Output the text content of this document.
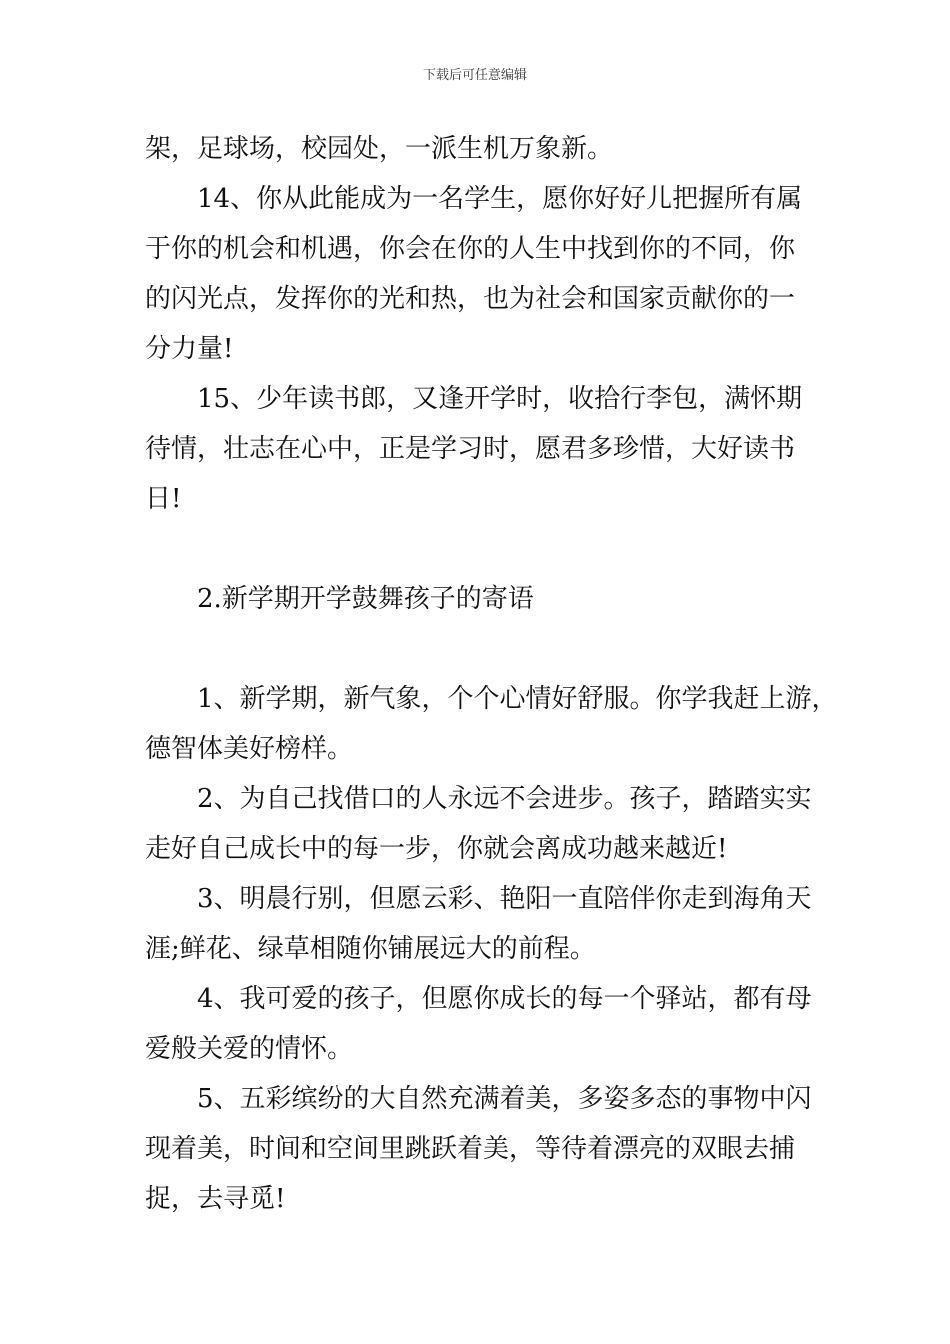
下载后可任意编辑
架，足球场，校园处，一派生机万象新。
14、你从此能成为一名学生，愿你好好儿把握所有属
于你的机会和机遇，你会在你的人生中找到你的不同，你
的闪光点，发挥你的光和热，也为社会和国家贡献你的一
分力量!
15、少年读书郎，又逢开学时，收拾行李包，满怀期
待情，壮志在心中，正是学习时，愿君多珍惜，大好读书
日!
2.新学期开学鼓舞孩子的寄语
1、新学期，新气象，个个心情好舒服。你学我赶上游，
德智体美好榜样。
2、为自己找借口的人永远不会进步。孩子，踏踏实实
走好自己成长中的每一步，你就会离成功越来越近!
3、明晨行别，但愿云彩、艳阳一直陪伴你走到海角天
涯;鲜花、绿草相随你铺展远大的前程。
4、我可爱的孩子，但愿你成长的每一个驿站，都有母
爱般关爱的情怀。
5、五彩缤纷的大自然充满着美，多姿多态的事物中闪
现着美，时间和空间里跳跃着美，等待着漂亮的双眼去捕
捉，去寻觅!
